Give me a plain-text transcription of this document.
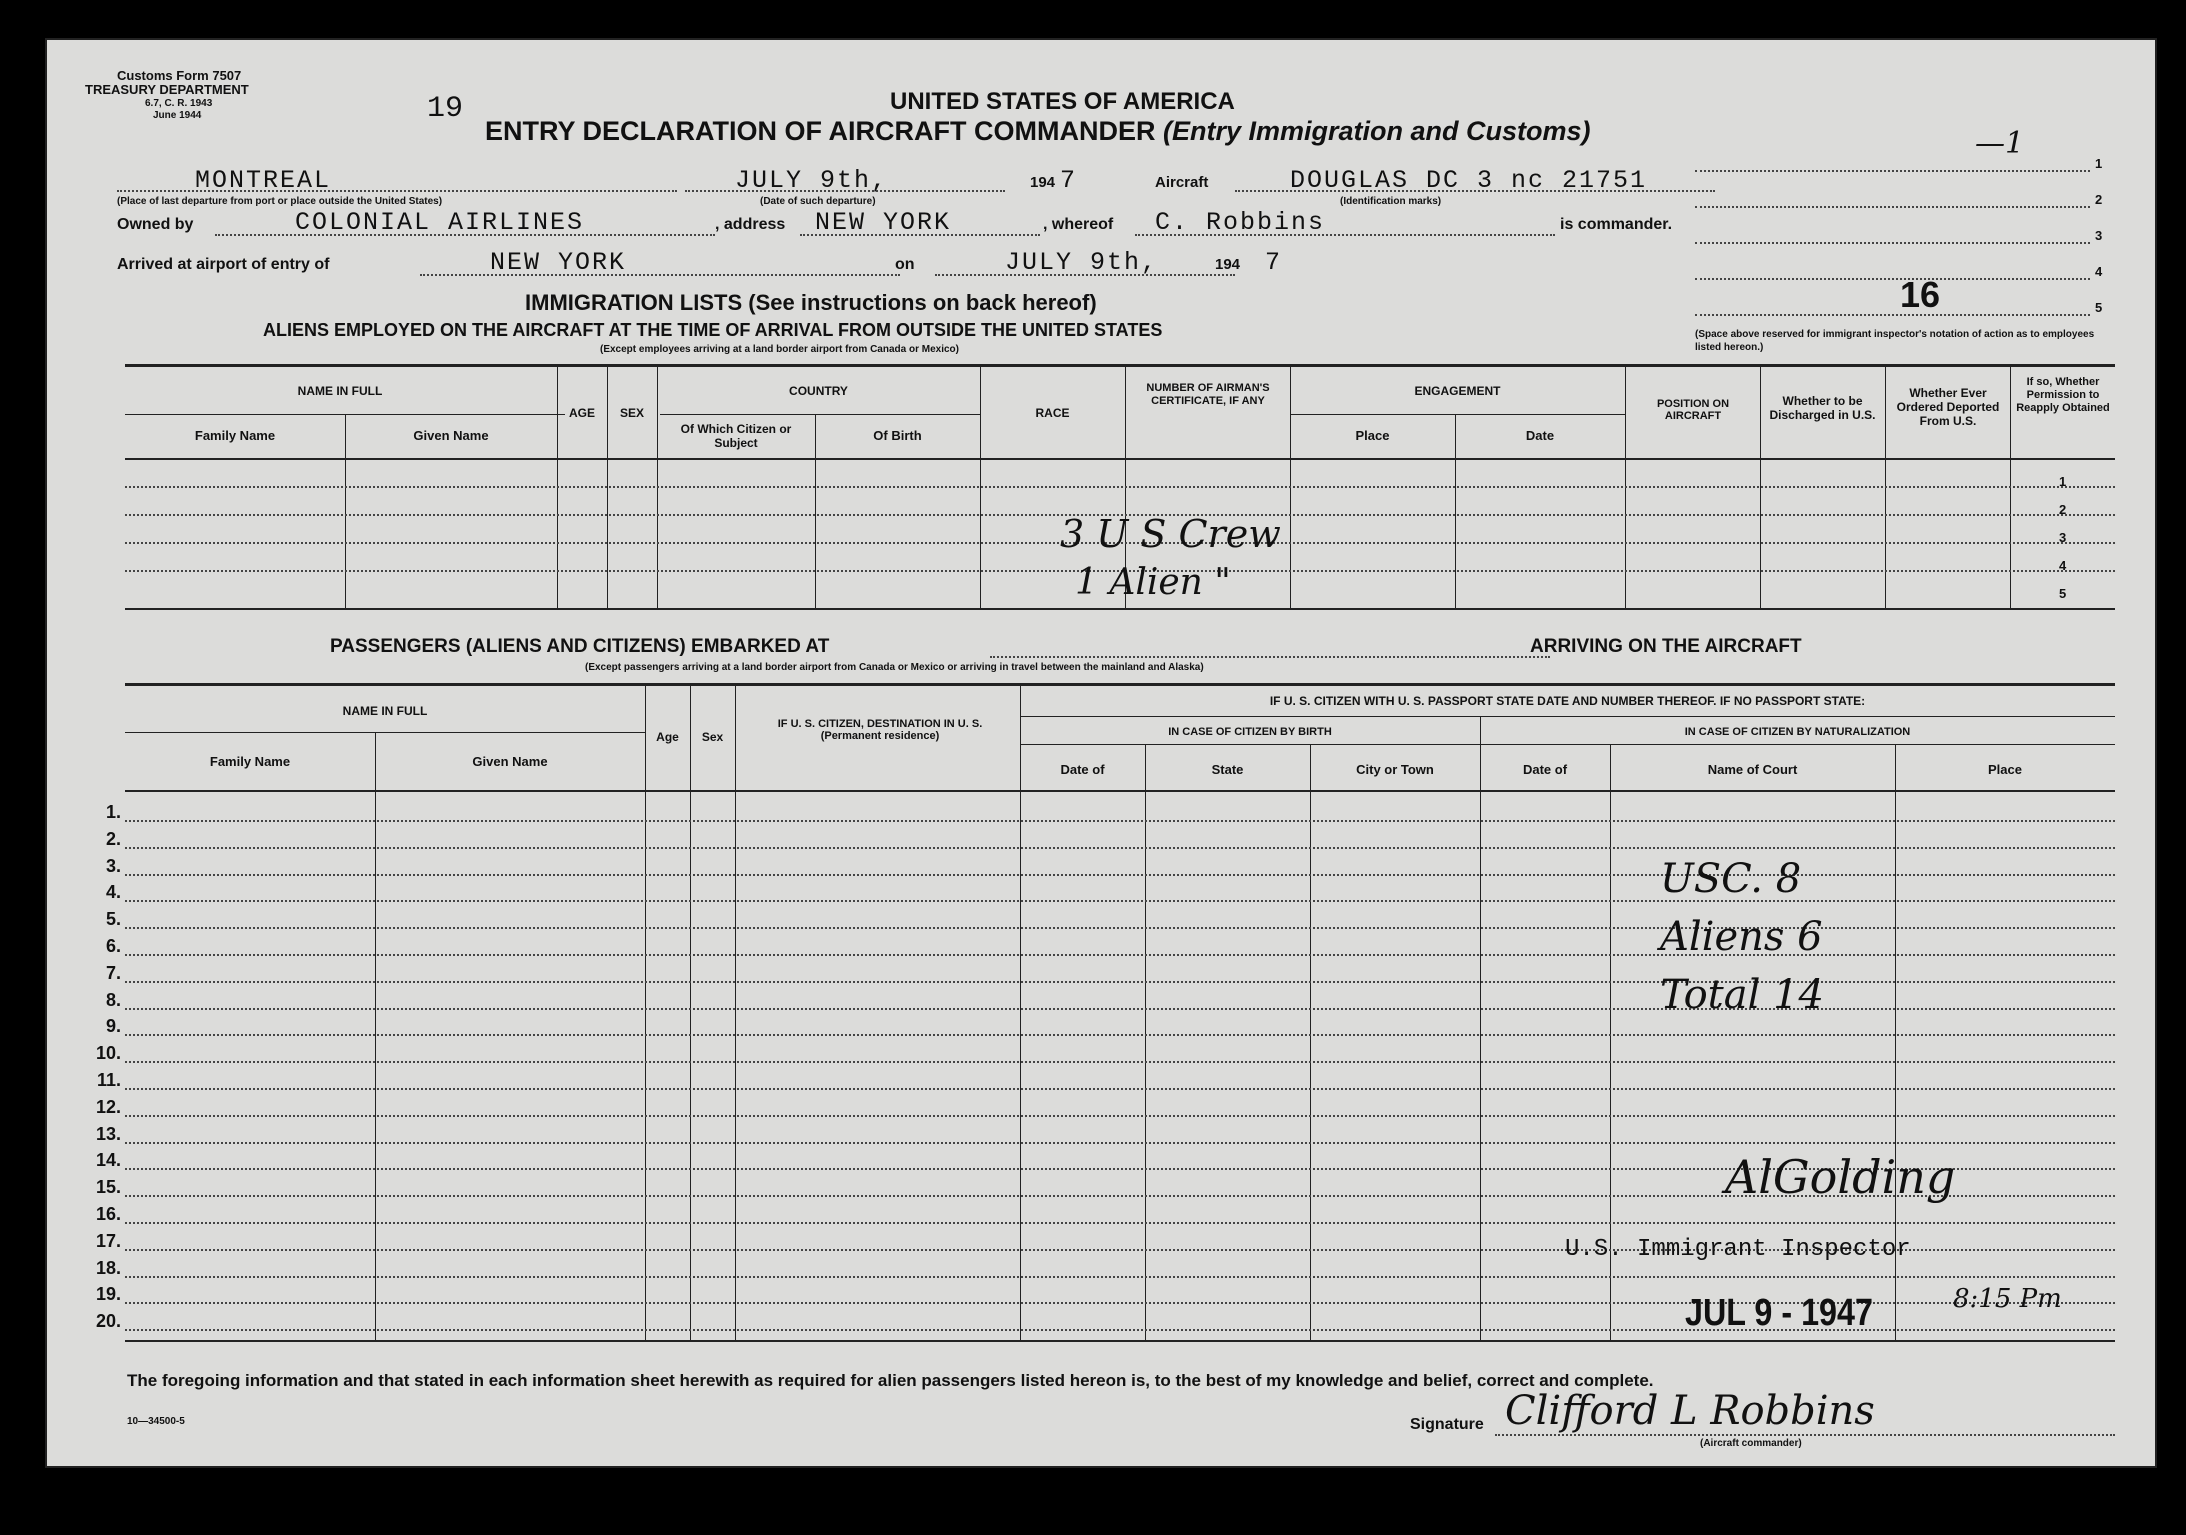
Customs Form 7507
TREASURY DEPARTMENT
6.7, C. R. 1943
June 1944	19	UNITED STATES OF AMERICA
ENTRY DECLARATION OF AIRCRAFT COMMANDER (Entry Immigration and Customs)
MONTREAL
(Place of last departure from port or place outside the United States)
JULY 9th,
(Date of such departure)
194 7	Aircraft	DOUGLAS DC 3 nc 21751
(Identification marks)
Owned by	COLONIAL AIRLINES	, address NEW YORK	, whereof C. Robbins	is commander.
Arrived at airport of entry of	NEW YORK	on	JULY 9th,	194 7
—1
1
2
3
4
5
16
(Space above reserved for immigrant inspector's notation of action as to employees listed hereon.)
IMMIGRATION LISTS (See instructions on back hereof)
ALIENS EMPLOYED ON THE AIRCRAFT AT THE TIME OF ARRIVAL FROM OUTSIDE THE UNITED STATES
(Except employees arriving at a land border airport from Canada or Mexico)
NAME IN FULL
Family Name	Given Name
AGE	SEX
COUNTRY
Of Which Citizen or Subject	Of Birth
RACE
NUMBER OF AIRMAN'S CERTIFICATE, IF ANY
ENGAGEMENT
Place	Date
POSITION ON AIRCRAFT
Whether to be Discharged in U.S.
Whether Ever Ordered Deported From U.S.
If so, Whether Permission to Reapply Obtained
1
2
3
4
5
3 U S Crew
1 Alien "
PASSENGERS (ALIENS AND CITIZENS) EMBARKED AT	ARRIVING ON THE AIRCRAFT
(Except passengers arriving at a land border airport from Canada or Mexico or arriving in travel between the mainland and Alaska)
NAME IN FULL
Family Name	Given Name
Age	Sex
IF U. S. CITIZEN, DESTINATION IN U. S. (Permanent residence)
IF U. S. CITIZEN WITH U. S. PASSPORT STATE DATE AND NUMBER THEREOF. IF NO PASSPORT STATE:
IN CASE OF CITIZEN BY BIRTH	IN CASE OF CITIZEN BY NATURALIZATION
Date of	State	City or Town	Date of	Name of Court	Place
1.
2.
3.
4.
5.
6.
7.
8.
9.
10.
11.
12.
13.
14.
15.
16.
17.
18.
19.
20.
USC. 8
Aliens 6
Total 14
AlGolding
U.S. Immigrant Inspector
JUL 9 - 1947	8:15 Pm
The foregoing information and that stated in each information sheet herewith as required for alien passengers listed hereon is, to the best of my knowledge and belief, correct and complete.
10—34500-5	Signature Clifford L Robbins
(Aircraft commander)
